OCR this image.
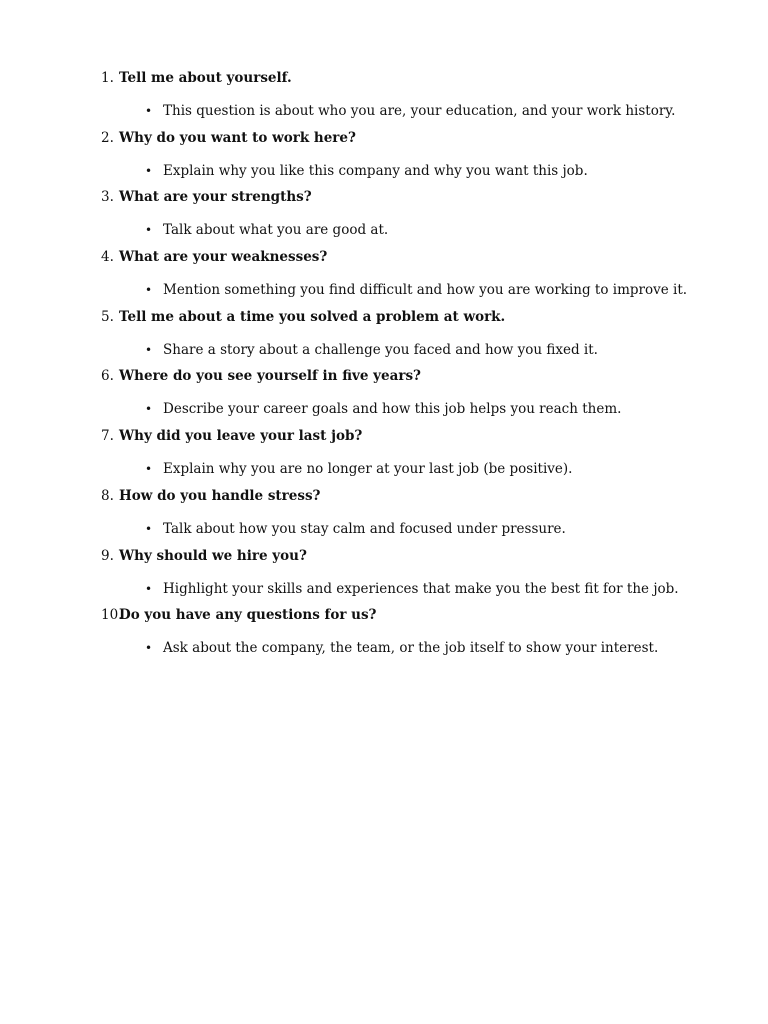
1. Tell me about yourself.
• This question is about who you are, your education, and your work history.
2. Why do you want to work here?
• Explain why you like this company and why you want this job.
3. What are your strengths?
• Talk about what you are good at.
4. What are your weaknesses?
• Mention something you find difficult and how you are working to improve it.
5. Tell me about a time you solved a problem at work.
• Share a story about a challenge you faced and how you fixed it.
6. Where do you see yourself in five years?
• Describe your career goals and how this job helps you reach them.
7. Why did you leave your last job?
• Explain why you are no longer at your last job (be positive).
8. How do you handle stress?
• Talk about how you stay calm and focused under pressure.
9. Why should we hire you?
• Highlight your skills and experiences that make you the best fit for the job.
10.
Do you have any questions for us?
• Ask about the company, the team, or the job itself to show your interest.
